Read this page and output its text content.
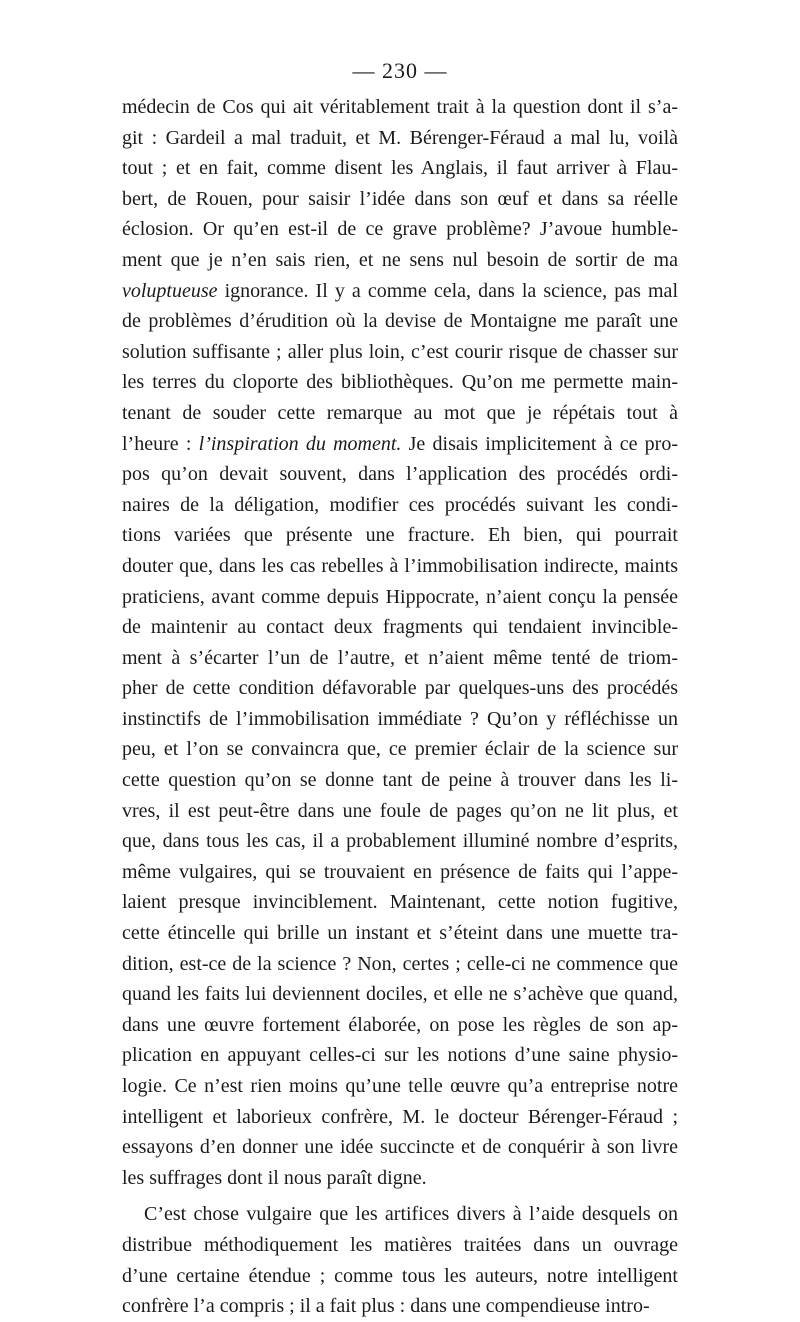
— 230 —
médecin de Cos qui ait véritablement trait à la question dont il s’a-
git : Gardeil a mal traduit, et M. Bérenger-Féraud a mal lu, voilà
tout ; et en fait, comme disent les Anglais, il faut arriver à Flau-
bert, de Rouen, pour saisir l’idée dans son œuf et dans sa réelle
éclosion. Or qu’en est-il de ce grave problème? J’avoue humble-
ment que je n’en sais rien, et ne sens nul besoin de sortir de ma
voluptueuse ignorance. Il y a comme cela, dans la science, pas mal
de problèmes d’érudition où la devise de Montaigne me paraît une
solution suffisante ; aller plus loin, c’est courir risque de chasser sur
les terres du cloporte des bibliothèques. Qu’on me permette main-
tenant de souder cette remarque au mot que je répétais tout à
l’heure : l’inspiration du moment. Je disais implicitement à ce pro-
pos qu’on devait souvent, dans l’application des procédés ordi-
naires de la déligation, modifier ces procédés suivant les condi-
tions variées que présente une fracture. Eh bien, qui pourrait
douter que, dans les cas rebelles à l’immobilisation indirecte, maints
praticiens, avant comme depuis Hippocrate, n’aient conçu la pensée
de maintenir au contact deux fragments qui tendaient invincible-
ment à s’écarter l’un de l’autre, et n’aient même tenté de triom-
pher de cette condition défavorable par quelques-uns des procédés
instinctifs de l’immobilisation immédiate ? Qu’on y réfléchisse un
peu, et l’on se convaincra que, ce premier éclair de la science sur
cette question qu’on se donne tant de peine à trouver dans les li-
vres, il est peut-être dans une foule de pages qu’on ne lit plus, et
que, dans tous les cas, il a probablement illuminé nombre d’esprits,
même vulgaires, qui se trouvaient en présence de faits qui l’appe-
laient presque invinciblement. Maintenant, cette notion fugitive,
cette étincelle qui brille un instant et s’éteint dans une muette tra-
dition, est-ce de la science ? Non, certes ; celle-ci ne commence que
quand les faits lui deviennent dociles, et elle ne s’achève que quand,
dans une œuvre fortement élaborée, on pose les règles de son ap-
plication en appuyant celles-ci sur les notions d’une saine physio-
logie. Ce n’est rien moins qu’une telle œuvre qu’a entreprise notre
intelligent et laborieux confrère, M. le docteur Bérenger-Féraud ;
essayons d’en donner une idée succincte et de conquérir à son livre
les suffrages dont il nous paraît digne.
C’est chose vulgaire que les artifices divers à l’aide desquels on
distribue méthodiquement les matières traitées dans un ouvrage
d’une certaine étendue ; comme tous les auteurs, notre intelligent
confrère l’a compris ; il a fait plus : dans une compendieuse intro-
